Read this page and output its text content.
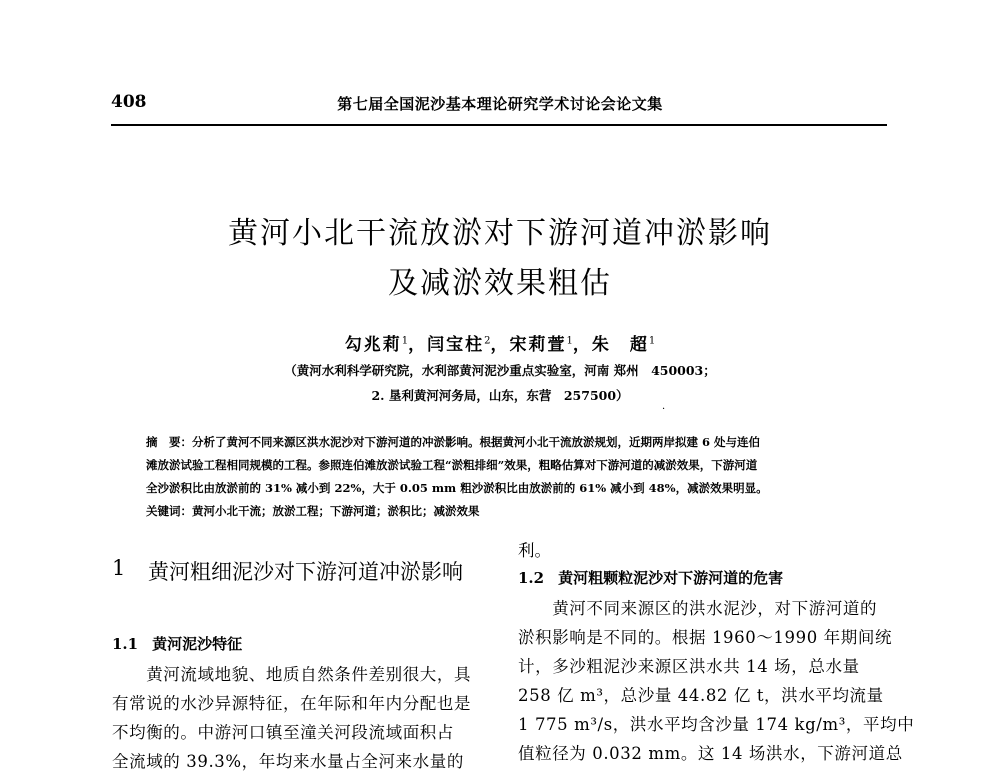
408	第七届全国泥沙基本理论研究学术讨论会论文集
黄河小北干流放淤对下游河道冲淤影响
及减淤效果粗估
勾兆莉$^1$，闫宝柱$^2$，宋莉萱$^1$，朱　超$^1$
（黄河水利科学研究院，水利部黄河泥沙重点实验室，河南 郑州　450003；
2. 垦利黄河河务局，山东，东营　257500）
·

摘　要：分析了黄河不同来源区洪水泥沙对下游河道的冲淤影响。根据黄河小北干流放淤规划，近期两岸拟建 6 处与连伯

滩放淤试验工程相同规模的工程。参照连伯滩放淤试验工程“淤粗排细”效果，粗略估算对下游河道的减淤效果，下游河道

全沙淤积比由放淤前的 31% 减小到 22%，大于 0.05 mm 粗沙淤积比由放淤前的 61% 减小到 48%，减淤效果明显。

关键词：黄河小北干流；放淤工程；下游河道；淤积比；减淤效果

1 黄河粗细泥沙对下游河道冲淤影响
1.1 黄河泥沙特征

　　黄河流域地貌、地质自然条件差别很大，具

有常说的水沙异源特征，在年际和年内分配也是

不均衡的。中游河口镇至潼关河段流域面积占

全流域的 39.3%，年均来水量占全河来水量的

利。
1.2 黄河粗颗粒泥沙对下游河道的危害

　　黄河不同来源区的洪水泥沙，对下游河道的

淤积影响是不同的。根据 1960～1990 年期间统

计，多沙粗泥沙来源区洪水共 14 场，总水量

258 亿 m³，总沙量 44.82 亿 t，洪水平均流量

1 775 m³/s，洪水平均含沙量 174 kg/m³，平均中

值粒径为 0.032 mm。这 14 场洪水，下游河道总
